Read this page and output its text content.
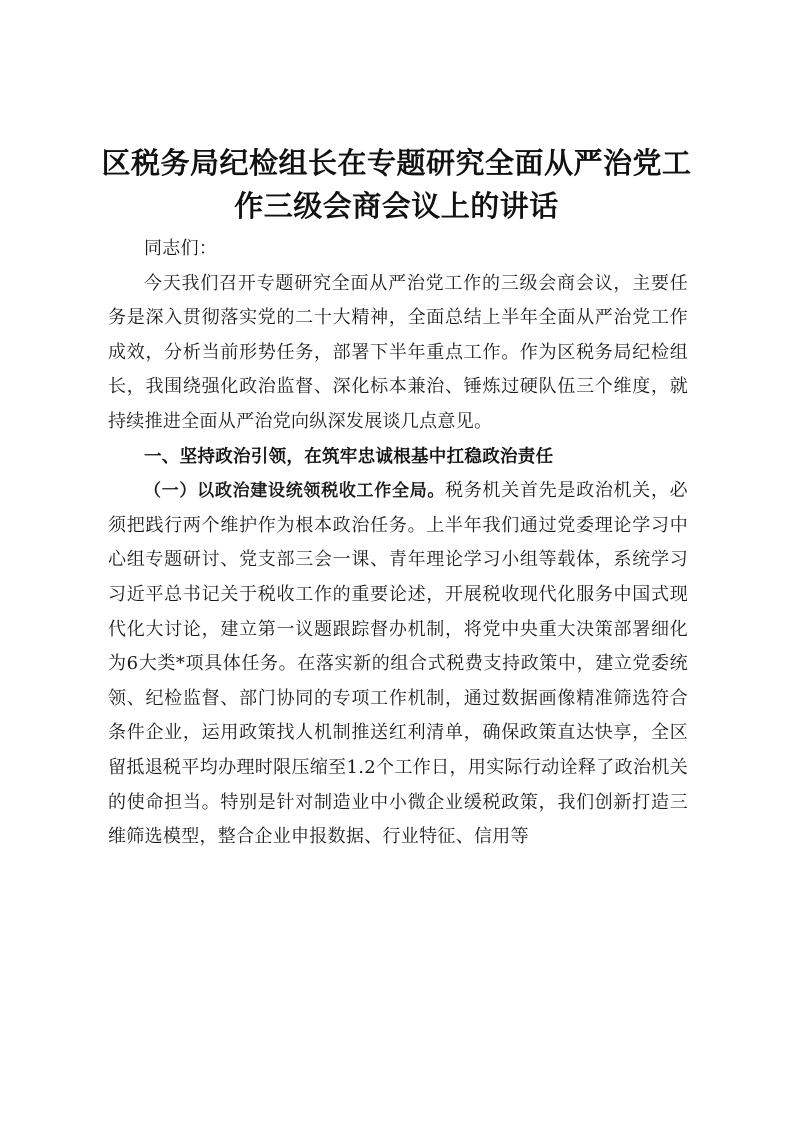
区税务局纪检组长在专题研究全面从严治党工
作三级会商会议上的讲话

同志们：

今天我们召开专题研究全面从严治党工作的三级会商会议，主要任务是深入贯彻落实党的二十大精神，全面总结上半年全面从严治党工作成效，分析当前形势任务，部署下半年重点工作。作为区税务局纪检组长，我围绕强化政治监督、深化标本兼治、锤炼过硬队伍三个维度，就持续推进全面从严治党向纵深发展谈几点意见。

一、坚持政治引领，在筑牢忠诚根基中扛稳政治责任

（一）以政治建设统领税收工作全局。税务机关首先是政治机关，必须把践行两个维护作为根本政治任务。上半年我们通过党委理论学习中心组专题研讨、党支部三会一课、青年理论学习小组等载体，系统学习习近平总书记关于税收工作的重要论述，开展税收现代化服务中国式现代化大讨论，建立第一议题跟踪督办机制，将党中央重大决策部署细化为6大类*项具体任务。在落实新的组合式税费支持政策中，建立党委统领、纪检监督、部门协同的专项工作机制，通过数据画像精准筛选符合条件企业，运用政策找人机制推送红利清单，确保政策直达快享，全区留抵退税平均办理时限压缩至1.2个工作日，用实际行动诠释了政治机关的使命担当。特别是针对制造业中小微企业缓税政策，我们创新打造三维筛选模型，整合企业申报数据、行业特征、信用等
